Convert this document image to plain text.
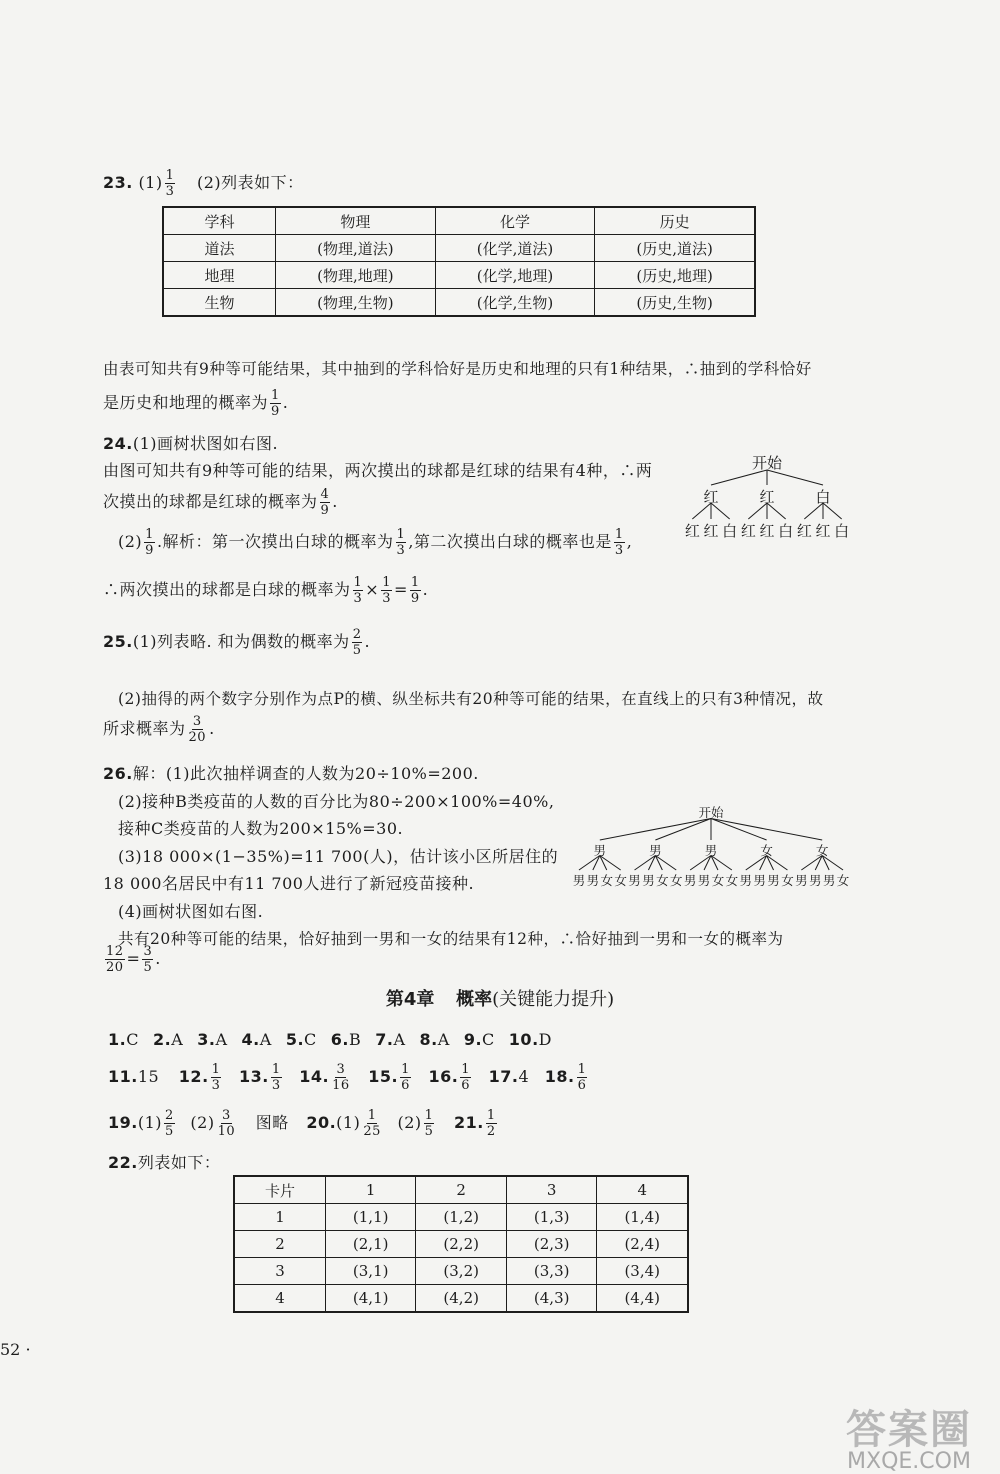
23. $(1) \frac{1}{3} (2)$列表如下：
学科	物理	化学	历史
道法	(物理,道法)	(化学,道法)	(历史,道法)
地理	(物理,地理)	(化学,地理)	(历史,地理)
生物	(物理,生物)	(化学,生物)	(历史,生物)
由表可知共有9种等可能结果，其中抽到的学科恰好是历史和地理的只有1种结果，∴抽到的学科恰好
是历史和地理的概率为 $\frac{1}{9}$ .
24.(1)画树状图如右图.
由图可知共有9种等可能的结果，两次摸出的球都是红球的结果有4种，∴两
次摸出的球都是红球的概率为 $\frac{4}{9}$ .
$(2) \frac{1}{9}$ .解析：第一次摸出白球的概率为 $\frac{1}{3}$ ,第二次摸出白球的概率也是 $\frac{1}{3}$ ,
∴两次摸出的球都是白球的概率为 $\frac{1}{3} \times \frac{1}{3} = \frac{1}{9}$ .
开始
红	红	白
红 红 白 红 红 白 红 红 白
25.(1)列表略. 和为偶数的概率为 $\frac{2}{5}$ .
(2)抽得的两个数字分别作为点P的横、纵坐标共有20种等可能的结果，在直线上的只有3种情况，故
所求概率为 $\frac{3}{20}$ .
26.解：(1)此次抽样调查的人数为20÷10%=200.
(2)接种B类疫苗的人数的百分比为80÷200×100%=40%,
接种C类疫苗的人数为200×15%=30.
(3)18 000×(1−35%)=11 700(人)，估计该小区所居住的
18 000名居民中有11 700人进行了新冠疫苗接种.
(4)画树状图如右图.
共有20种等可能的结果，恰好抽到一男和一女的结果有12种，∴恰好抽到一男和一女的概率为
$\frac{12}{20} = \frac{3}{5}$ .
开始
男	男	男	女	女
男 男 女 女 男 男 女 女 男 男 女 女 男 男 男 女 男 男 男 女
第4章 概率(关键能力提升)
1.C 2.A 3.A 4.A 5.C 6.B 7.A 8.A 9.C 10.D
11.15 12. $\frac{1}{3} 13$. $\frac{1}{3} 14$. $\frac{3}{16} 15$. $\frac{1}{6} 16$. $\frac{1}{6} 17.4$ 18. $\frac{1}{6}$
$19.(1) \frac{2}{5} (2) \frac{3}{10}$ 图略 $20.(1) \frac{1}{25} (2) \frac{1}{5} 21$. $\frac{1}{2}$
22.列表如下：
卡片	1	2	3	4
1	(1,1)	(1,2)	(1,3)	(1,4)
2	(2,1)	(2,2)	(2,3)	(2,4)
3	(3,1)	(3,2)	(3,3)	(3,4)
4	(4,1)	(4,2)	(4,3)	(4,4)
52 ·
答案圈
MXQE.COM
